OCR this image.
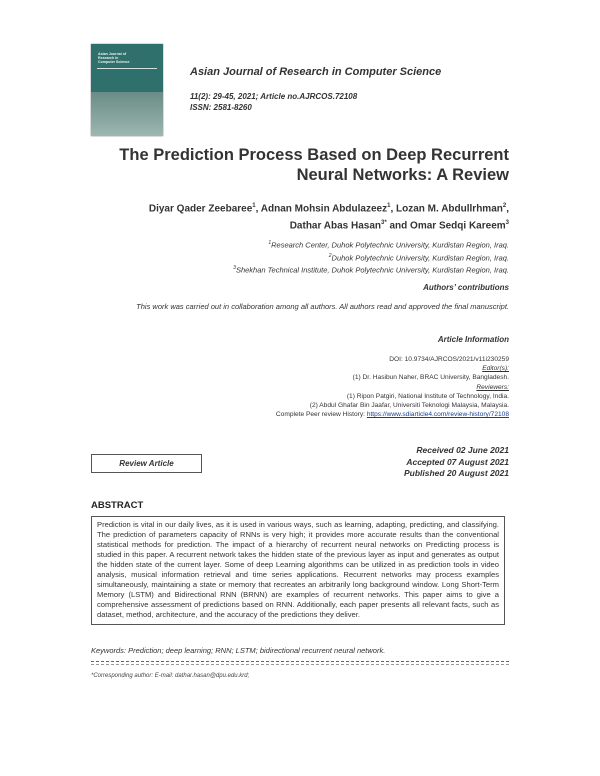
Asian Journal of
Research in
Computer Science
Asian Journal of Research in Computer Science
11(2): 29-45, 2021; Article no.AJRCOS.72108
ISSN: 2581-8260
The Prediction Process Based on Deep Recurrent
Neural Networks: A Review
Diyar Qader Zeebaree$^1$, Adnan Mohsin Abdulazeez$^1$, Lozan M. Abdullrhman$^2$,
Dathar Abas Hasan$^{3*}$ and Omar Sedqi Kareem$^3$
$^1$Research Center, Duhok Polytechnic University, Kurdistan Region, Iraq.
$^2$Duhok Polytechnic University, Kurdistan Region, Iraq.
$^3$Shekhan Technical Institute, Duhok Polytechnic University, Kurdistan Region, Iraq.
Authors’ contributions
This work was carried out in collaboration among all authors. All authors read and approved the final manuscript.
Article Information
DOI: 10.9734/AJRCOS/2021/v11i230259
Editor(s):
(1) Dr. Hasibun Naher, BRAC University, Bangladesh.
Reviewers:
(1) Ripon Patgiri, National Institute of Technology, India.
(2) Abdul Ghafar Bin Jaafar, Universiti Teknologi Malaysia, Malaysia.
Complete Peer review History: https://www.sdiarticle4.com/review-history/72108
Received 02 June 2021
Accepted 07 August 2021
Published 20 August 2021
Review Article
ABSTRACT
Prediction is vital in our daily lives, as it is used in various ways, such as learning, adapting, predicting, and classifying. The prediction of parameters capacity of RNNs is very high; it provides more accurate results than the conventional statistical methods for prediction. The impact of a hierarchy of recurrent neural networks on Predicting process is studied in this paper. A recurrent network takes the hidden state of the previous layer as input and generates as output the hidden state of the current layer. Some of deep Learning algorithms can be utilized in as prediction tools in video analysis, musical information retrieval and time series applications. Recurrent networks may process examples simultaneously, maintaining a state or memory that recreates an arbitrarily long background window. Long Short-Term Memory (LSTM) and Bidirectional RNN (BRNN) are examples of recurrent networks. This paper aims to give a comprehensive assessment of predictions based on RNN. Additionally, each paper presents all relevant facts, such as dataset, method, architecture, and the accuracy of the predictions they deliver.
Keywords: Prediction; deep learning; RNN; LSTM; bidirectional recurrent neural network.
*Corresponding author: E-mail: dathar.hasan@dpu.edu.krd;
